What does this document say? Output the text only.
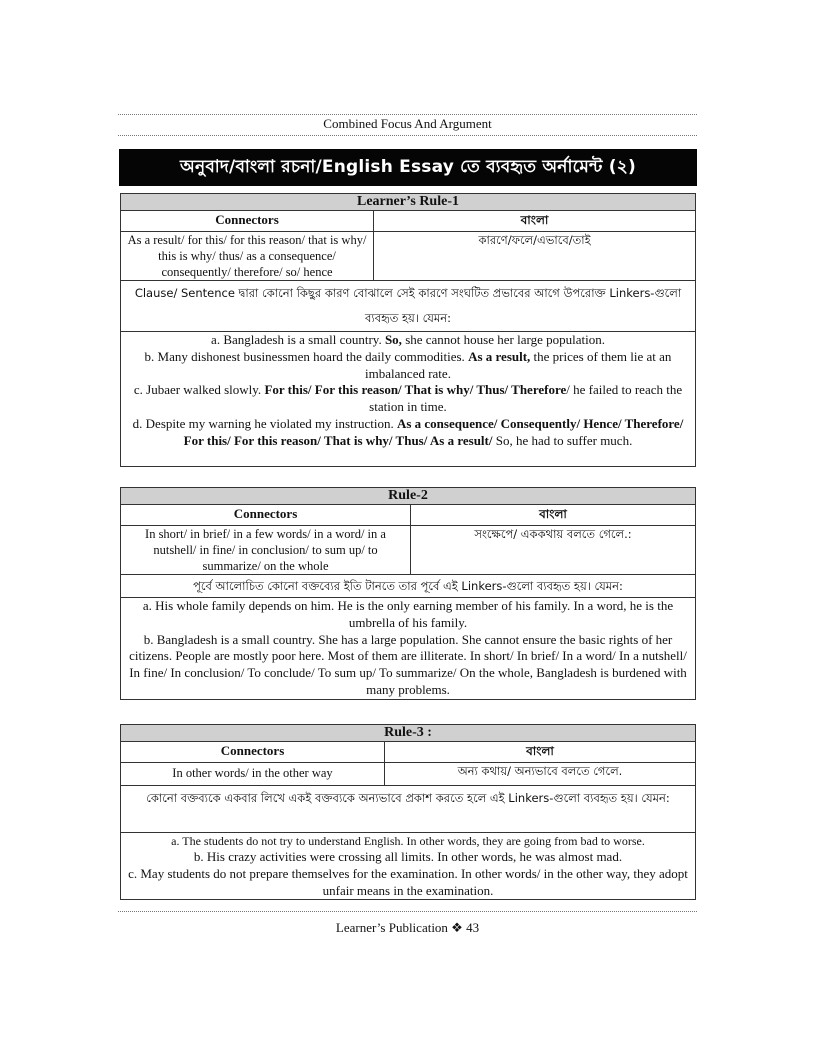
Combined Focus And Argument
অনুবাদ/বাংলা রচনা/English Essay তে ব্যবহৃত অর্নামেন্ট (২)
Learner’s Rule-1	
Connectors	বাংলা
As a result/ for this/ for this reason/ that is why/ this is why/ thus/ as a consequence/ consequently/ therefore/ so/ hence	কারণে/ফলে/এভাবে/তাই
Clause/ Sentence দ্বারা কোনো কিছুর কারণ বোঝালে সেই কারণে সংঘটিত প্রভাবের আগে উপরোক্ত Linkers-গুলো ব্যবহৃত হয়। যেমন:	

a. Bangladesh is a small country. So, she cannot house her large population.
b. Many dishonest businessmen hoard the daily commodities. As a result, the prices of them lie at an imbalanced rate.
c. Jubaer walked slowly. For this/ For this reason/ That is why/ Thus/ Therefore/ he failed to reach the station in time.
d. Despite my warning he violated my instruction. As a consequence/ Consequently/ Hence/ Therefore/ For this/ For this reason/ That is why/ Thus/ As a result/ So, he had to suffer much.	
Rule-2	
Connectors	বাংলা
In short/ in brief/ in a few words/ in a word/ in a nutshell/ in fine/ in conclusion/ to sum up/ to summarize/ on the whole	সংক্ষেপে/ এককথায় বলতে গেলে.:
পূর্বে আলোচিত কোনো বক্তব্যের ইতি টানতে তার পূর্বে এই Linkers-গুলো ব্যবহৃত হয়। যেমন:	

a. His whole family depends on him. He is the only earning member of his family. In a word, he is the umbrella of his family.
b. Bangladesh is a small country. She has a large population. She cannot ensure the basic rights of her citizens. People are mostly poor here. Most of them are illiterate. In short/ In brief/ In a word/ In a nutshell/ In fine/ In conclusion/ To conclude/ To sum up/ To summarize/ On the whole, Bangladesh is burdened with many problems.	
Rule-3 :	
Connectors	বাংলা
In other words/ in the other way	অন্য কথায়/ অন্যভাবে বলতে গেলে.
কোনো বক্তব্যকে একবার লিখে একই বক্তব্যকে অন্যভাবে প্রকাশ করতে হলে এই Linkers-গুলো ব্যবহৃত হয়। যেমন:	

a. The students do not try to understand English. In other words, they are going from bad to worse.
b. His crazy activities were crossing all limits. In other words, he was almost mad.
c. May students do not prepare themselves for the examination. In other words/ in the other way, they adopt unfair means in the examination.	
Learner’s Publication ❖ 43
